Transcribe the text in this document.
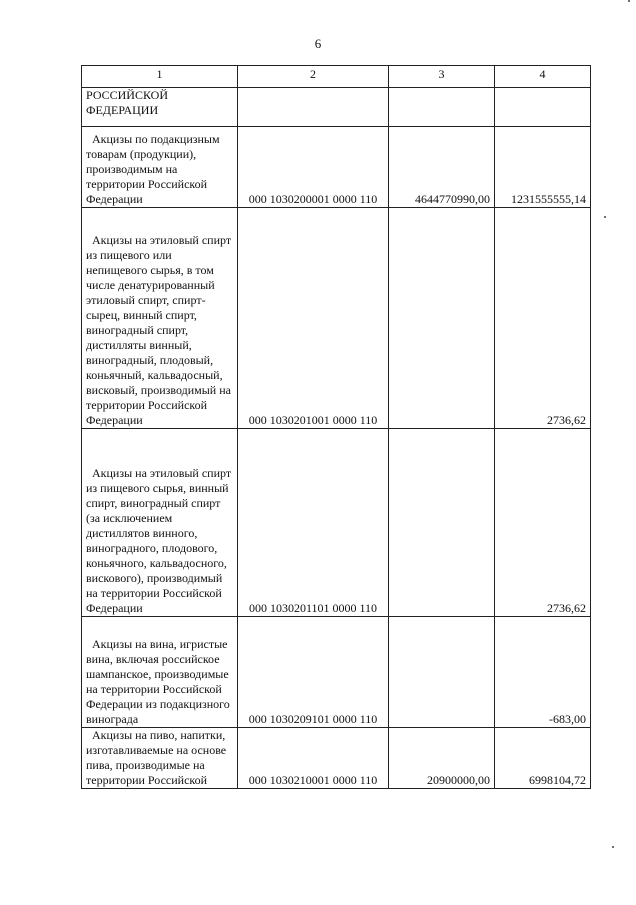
6
1	2	3	4
РОССИЙСКОЙ ФЕДЕРАЦИИ			
Акцизы по подакцизным товарам (продукции), производимым на территории Российской Федерации	000 1030200001 0000 110	4644770990,00	1231555555,14
Акцизы на этиловый спирт из пищевого или непищевого сырья, в том числе денатурированный этиловый спирт, спирт-сырец, винный спирт, виноградный спирт, дистилляты винный, виноградный, плодовый, коньячный, кальвадосный, висковый, производимый на территории Российской Федерации	000 1030201001 0000 110		2736,62
Акцизы на этиловый спирт из пищевого сырья, винный спирт, виноградный спирт (за исключением дистиллятов винного, виноградного, плодового, коньячного, кальвадосного, вискового), производимый на территории Российской Федерации	000 1030201101 0000 110		2736,62
Акцизы на вина, игристые вина, включая российское шампанское, производимые на территории Российской Федерации из подакцизного винограда	000 1030209101 0000 110		-683,00
Акцизы на пиво, напитки, изготавливаемые на основе пива, производимые на территории Российской	000 1030210001 0000 110	20900000,00	6998104,72
